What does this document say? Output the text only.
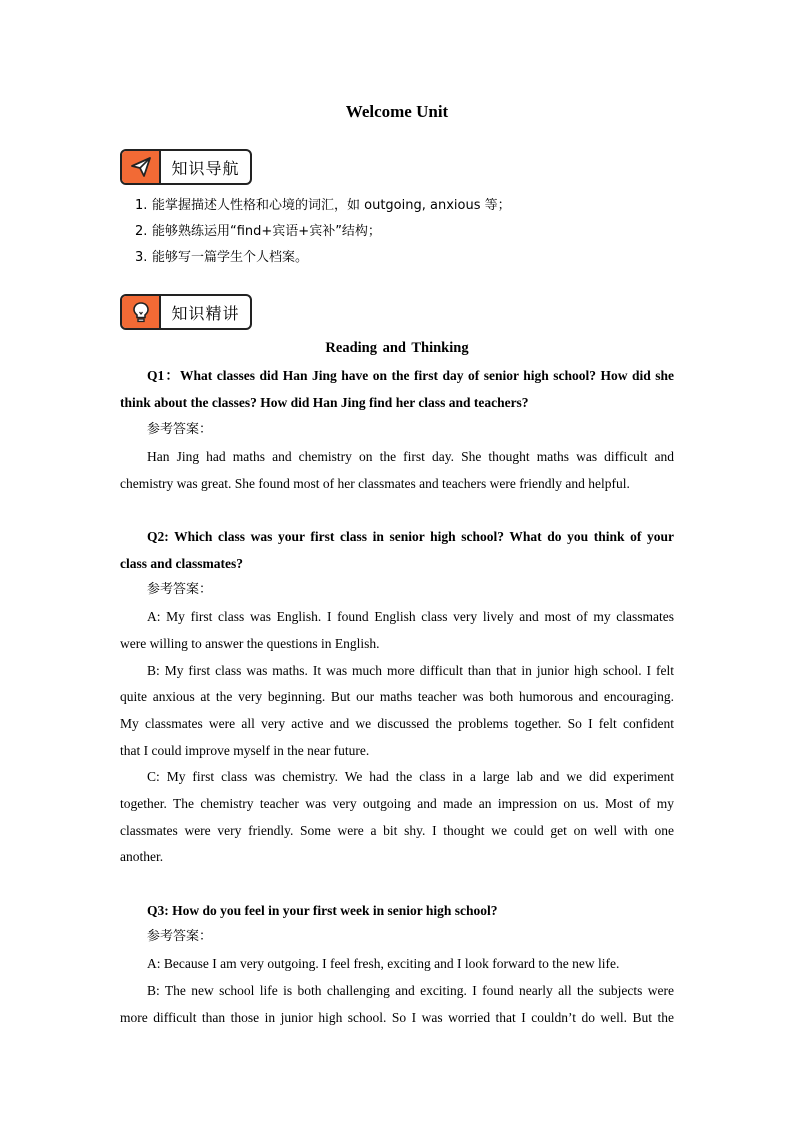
Welcome Unit
知识导航
1. 能掌握描述人性格和心境的词汇，如 outgoing, anxious 等；
2. 能够熟练运用“find+宾语+宾补”结构；
3. 能够写一篇学生个人档案。
知识精讲
Reading and Thinking
Q1：What classes did Han Jing have on the first day of senior high school? How did she
think about the classes? How did Han Jing find her class and teachers?
参考答案：
Han Jing had maths and chemistry on the first day. She thought maths was difficult and
chemistry was great. She found most of her classmates and teachers were friendly and helpful.
Q2: Which class was your first class in senior high school? What do you think of your
class and classmates?
参考答案：
A: My first class was English. I found English class very lively and most of my classmates
were willing to answer the questions in English.
B: My first class was maths. It was much more difficult than that in junior high school. I felt
quite anxious at the very beginning. But our maths teacher was both humorous and encouraging.
My classmates were all very active and we discussed the problems together. So I felt confident
that I could improve myself in the near future.
C: My first class was chemistry. We had the class in a large lab and we did experiment
together. The chemistry teacher was very outgoing and made an impression on us. Most of my
classmates were very friendly. Some were a bit shy. I thought we could get on well with one
another.
Q3: How do you feel in your first week in senior high school?
参考答案：
A: Because I am very outgoing. I feel fresh, exciting and I look forward to the new life.
B: The new school life is both challenging and exciting. I found nearly all the subjects were
more difficult than those in junior high school. So I was worried that I couldn’t do well. But the
